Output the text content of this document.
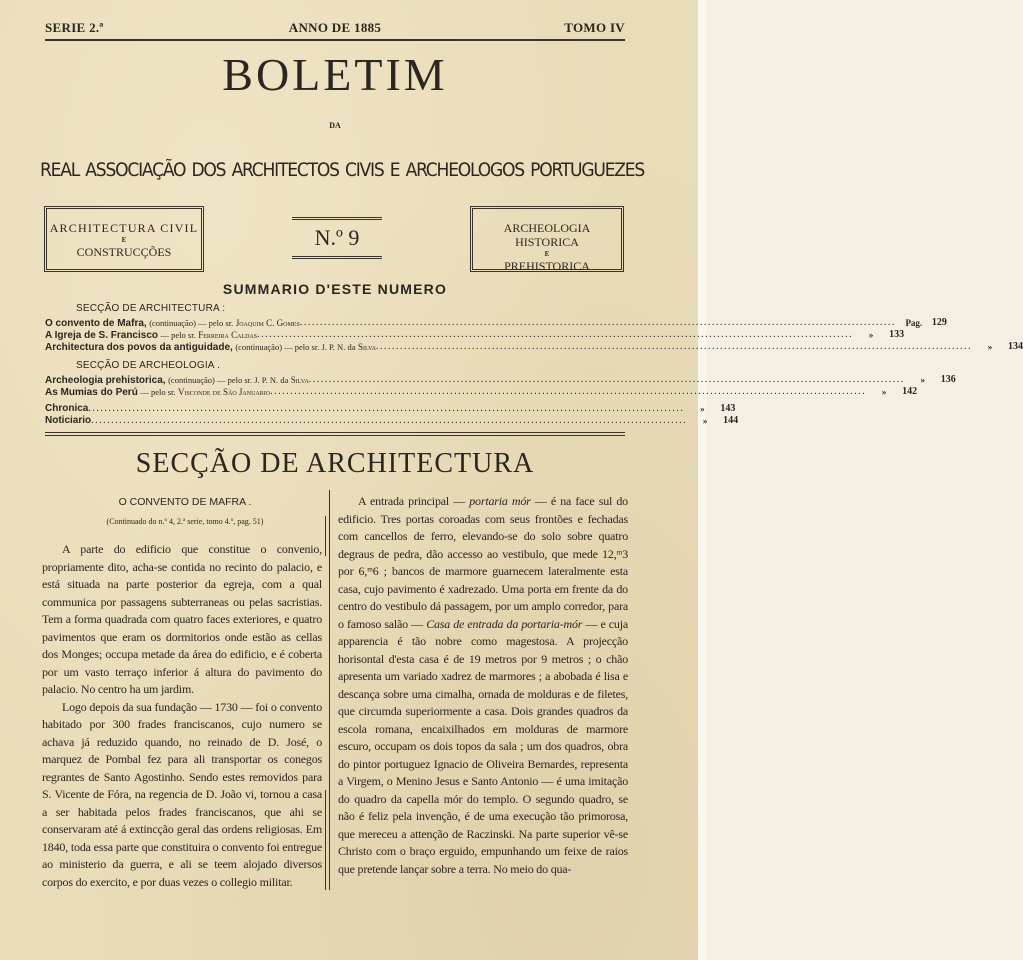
SERIE 2.ª	ANNO DE 1885	TOMO IV
BOLETIM
DA
REAL ASSOCIAÇÃO DOS ARCHITECTOS CIVIS E ARCHEOLOGOS PORTUGUEZES
ARCHITECTURA CIVIL
E
CONSTRUCÇÕES
N.º 9	ARCHEOLOGIA HISTORICA
E
PREHISTORICA
SUMMARIO D'ESTE NUMERO
SECÇÃO DE ARCHITECTURA :
O convento de Mafra, (continuação) — pelo sr. Joaquim C. Gomes .....................................................................................................................................................	Pag. 129
A Igreja de S. Francisco — pelo sr. Ferreira Caldas .....................................................................................................................................................	»	133
Architectura dos povos da antiguidade, (continuação) — pelo sr. J. P. N. da Silva .....................................................................................................................................................	»	134
SECÇÃO DE ARCHEOLOGIA .
Archeologia prehistorica, (continuação) — pelo sr. J. P. N. da Silva .....................................................................................................................................................	»	136
As Mumias do Perú — pelo sr. Visconde de São Januario .....................................................................................................................................................	»	142
Chronica .....................................................................................................................................................	»	143
Noticiario .....................................................................................................................................................	»	144
SECÇÃO DE ARCHITECTURA
O CONVENTO DE MAFRA .
(Continuado do n.º 4, 2.ª serie, tomo 4.º, pag. 51)

A parte do edificio que constitue o convenio, propriamente dito, acha-se contida no recinto do palacio, e está situada na parte posterior da egreja, com a qual communica por passagens subterraneas ou pelas sacristias. Tem a forma quadrada com quatro faces exteriores, e quatro pavimentos que eram os dormitorios onde estão as cellas dos Monges; occupa metade da área do edificio, e é coberta por um vasto terraço inferior á altura do pavimento do palacio. No centro ha um jardim.

Logo depois da sua fundação — 1730 — foi o convento habitado por 300 frades franciscanos, cujo numero se achava já reduzido quando, no reinado de D. José, o marquez de Pombal fez para ali transportar os conegos regrantes de Santo Agostinho. Sendo estes removidos para S. Vicente de Fóra, na regencia de D. João vi, tornou a casa a ser habitada pelos frades franciscanos, que ahi se conservaram até á extincção geral das ordens religiosas. Em 1840, toda essa parte que constituira o convento foi entregue ao ministerio da guerra, e ali se teem alojado diversos corpos do exercito, e por duas vezes o collegio militar.

A entrada principal — portaria mór — é na face sul do edificio. Tres portas coroadas com seus frontões e fechadas com cancellos de ferro, elevando-se do solo sobre quatro degraus de pedra, dão accesso ao vestibulo, que mede 12,ᵐ3 por 6,ᵐ6 ; bancos de marmore guarnecem lateralmente esta casa, cujo pavimento é xadrezado. Uma porta em frente da do centro do vestibulo dá passagem, por um amplo corredor, para o famoso salão — Casa de entrada da portaria-mór — e cuja apparencia é tão nobre como magestosa. A projecção horisontal d'esta casa é de 19 metros por 9 metros ; o chão apresenta um variado xadrez de marmores ; a abobada é lisa e descança sobre uma cimalha, ornada de molduras e de filetes, que circumda superiormente a casa. Dois grandes quadros da escola romana, encaixilhados em molduras de marmore escuro, occupam os dois topos da sala ; um dos quadros, obra do pintor portuguez Ignacio de Oliveira Bernardes, representa a Virgem, o Menino Jesus e Santo Antonio — é uma imitação do quadro da capella mór do templo. O segundo quadro, se não é feliz pela invenção, é de uma execução tão primorosa, que mereceu a attenção de Raczinski. Na parte superior vê-se Christo com o braço erguido, empunhando um feixe de raios que pretende lançar sobre a terra. No meio do qua-
